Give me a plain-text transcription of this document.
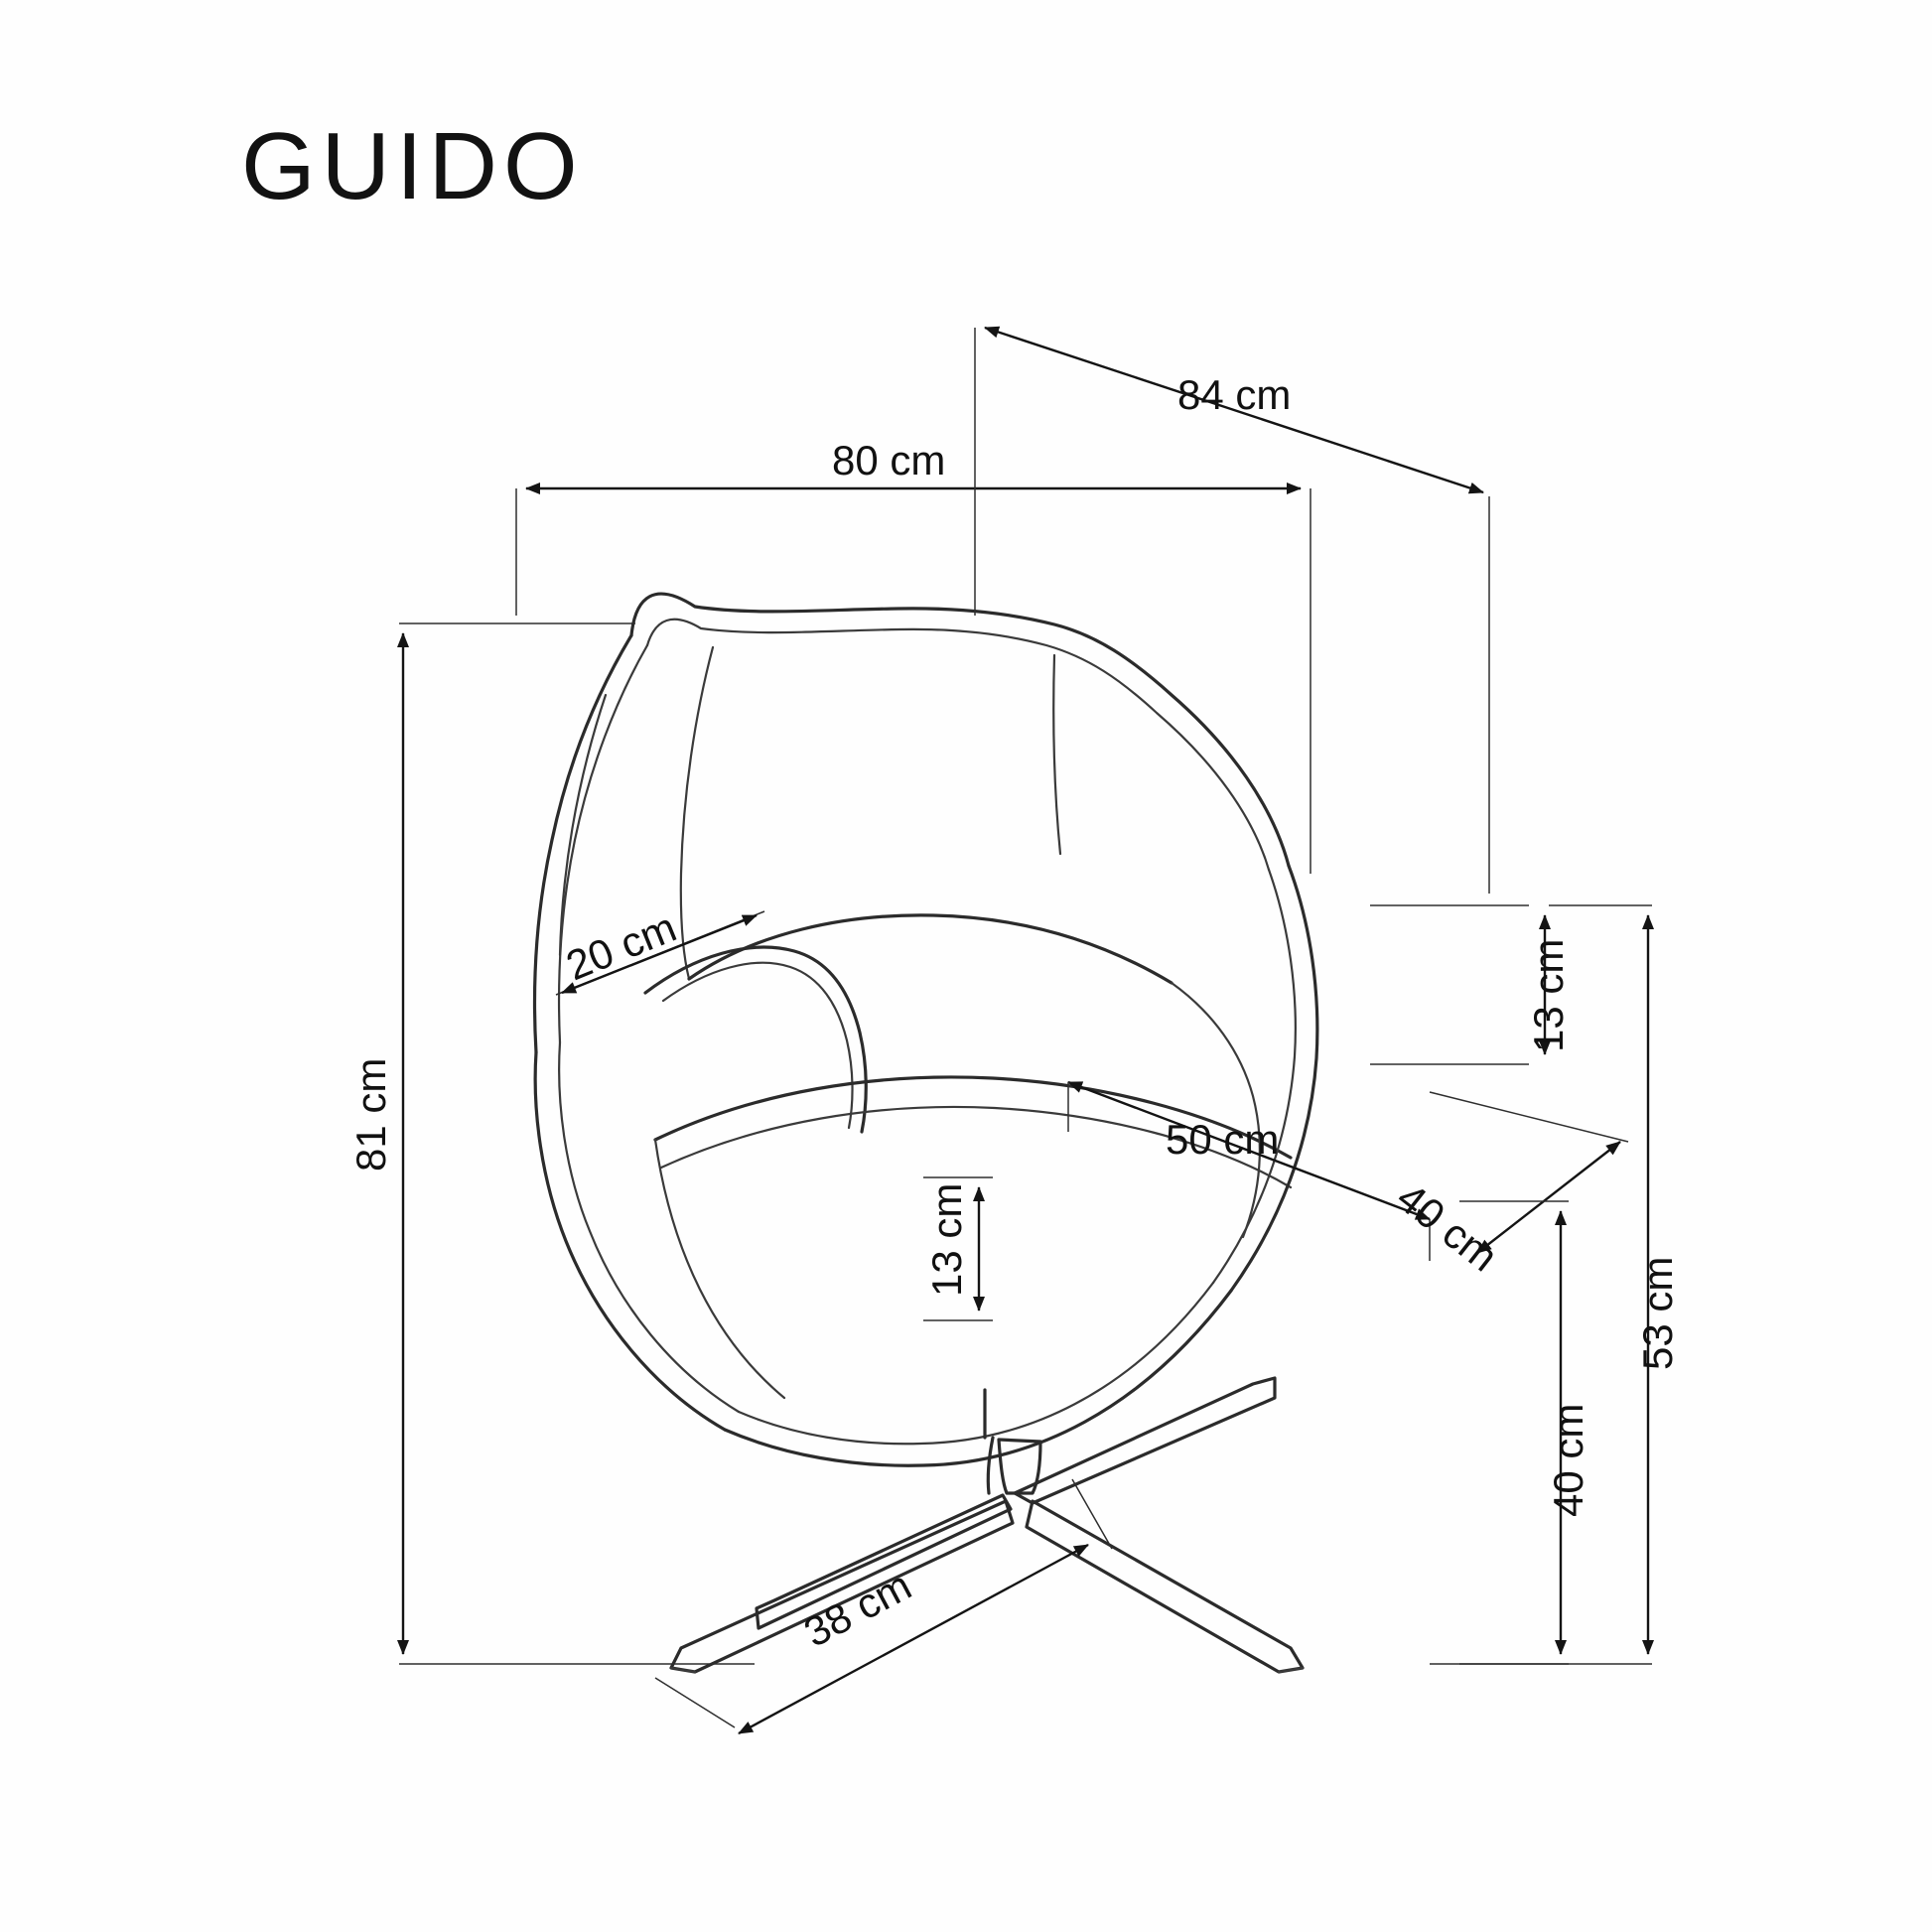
GUIDO
80 cm
84 cm
81 cm
20 cm	13 cm
13 cm
50 cm
40 cm
53 cm
40 cm
38 cm
